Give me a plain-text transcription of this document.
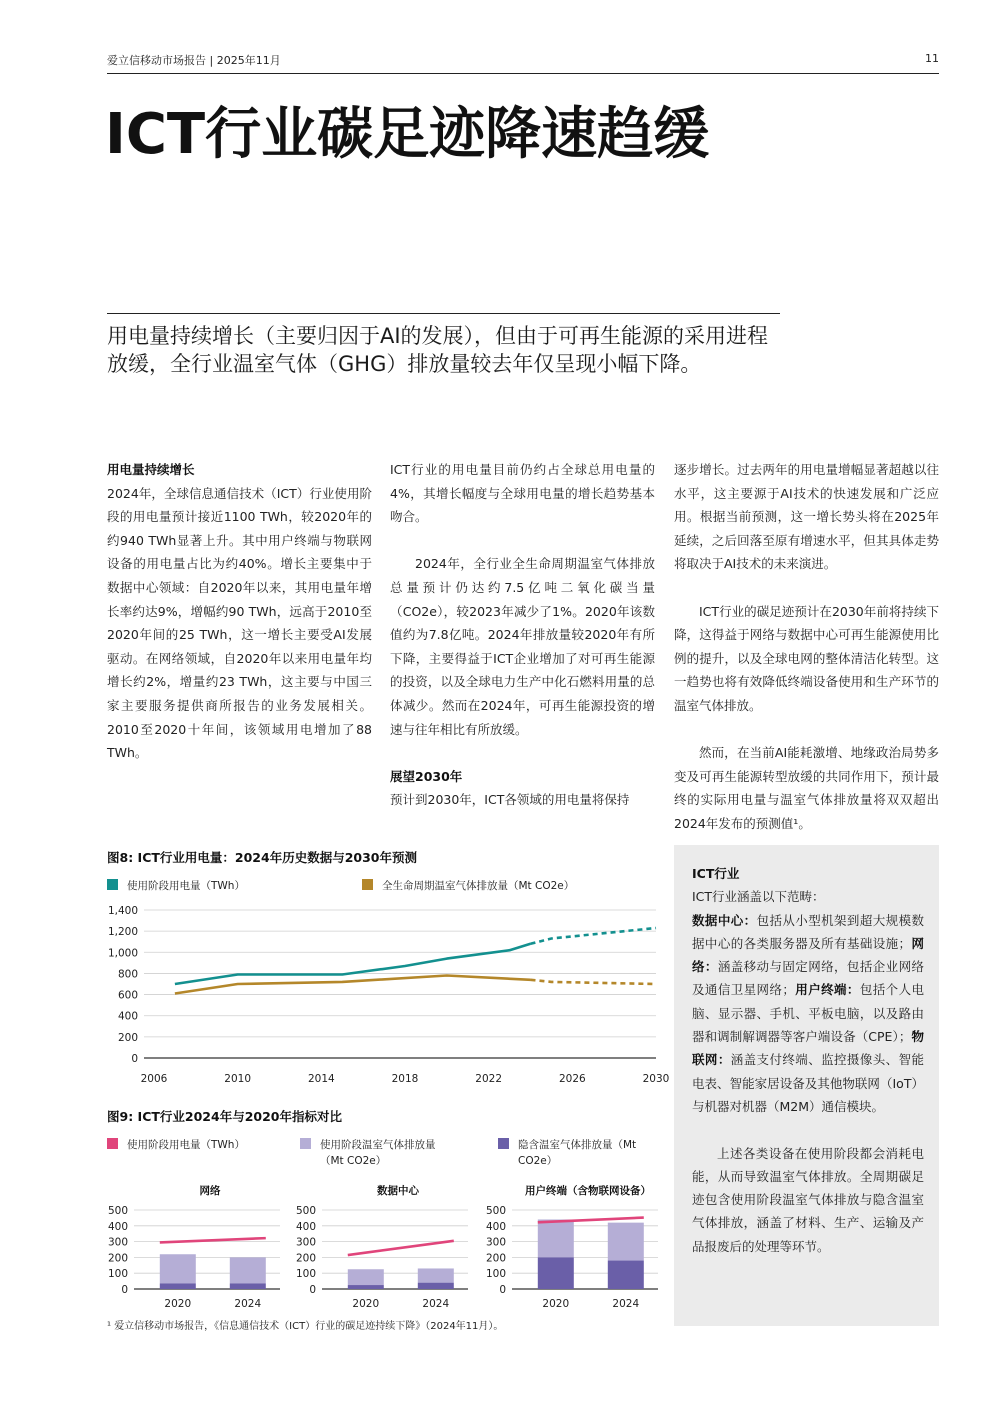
爱立信移动市场报告 | 2025年11月	11
ICT行业碳足迹降速趋缓
用电量持续增长（主要归因于AI的发展），但由于可再生能源的采用进程放缓，全行业温室气体（GHG）排放量较去年仅呈现小幅下降。

用电量持续增长

2024年，全球信息通信技术（ICT）行业使用阶段的用电量预计接近1100 TWh，较2020年的约940 TWh显著上升。其中用户终端与物联网设备的用电量占比为约40%。增长主要集中于数据中心领域：自2020年以来，其用电量年增长率约达9%，增幅约90 TWh，远高于2010至2020年间的25 TWh，这一增长主要受AI发展驱动。在网络领域，自2020年以来用电量年均增长约2%，增量约23 TWh，这主要与中国三家主要服务提供商所报告的业务发展相关。2010至2020十年间，该领域用电增加了88 TWh。

ICT行业的用电量目前仍约占全球总用电量的4%，其增长幅度与全球用电量的增长趋势基本吻合。

2024年，全行业全生命周期温室气体排放总量预计仍达约7.5亿吨二氧化碳当量（CO2e），较2023年减少了1%。2020年该数值约为7.8亿吨。2024年排放量较2020年有所下降，主要得益于ICT企业增加了对可再生能源的投资，以及全球电力生产中化石燃料用量的总体减少。然而在2024年，可再生能源投资的增速与往年相比有所放缓。

展望2030年

预计到2030年，ICT各领域的用电量将保持

逐步增长。过去两年的用电量增幅显著超越以往水平，这主要源于AI技术的快速发展和广泛应用。根据当前预测，这一增长势头将在2025年延续，之后回落至原有增速水平，但其具体走势将取决于AI技术的未来演进。

ICT行业的碳足迹预计在2030年前将持续下降，这得益于网络与数据中心可再生能源使用比例的提升，以及全球电网的整体清洁化转型。这一趋势也将有效降低终端设备使用和生产环节的温室气体排放。

然而，在当前AI能耗激增、地缘政治局势多变及可再生能源转型放缓的共同作用下，预计最终的实际用电量与温室气体排放量将双双超出2024年发布的预测值¹。

ICT行业

ICT行业涵盖以下范畴：

数据中心：包括从小型机架到超大规模数据中心的各类服务器及所有基础设施；网络：涵盖移动与固定网络，包括企业网络及通信卫星网络；用户终端：包括个人电脑、显示器、手机、平板电脑，以及路由器和调制解调器等客户端设备（CPE）；物联网：涵盖支付终端、监控摄像头、智能电表、智能家居设备及其他物联网（IoT）与机器对机器（M2M）通信模块。

上述各类设备在使用阶段都会消耗电能，从而导致温室气体排放。全周期碳足迹包含使用阶段温室气体排放与隐含温室气体排放，涵盖了材料、生产、运输及产品报废后的处理等环节。

图8: ICT行业用电量：2024年历史数据与2030年预测
使用阶段用电量（TWh）	全生命周期温室气体排放量（Mt CO2e）
0
200
400
600
800
1,000
1,200
1,400
2006	2010	2014	2018	2022	2026	2030
图9: ICT行业2024年与2020年指标对比
使用阶段用电量（TWh）	使用阶段温室气体排放量（Mt CO2e）
隐含温室气体排放量（Mt CO2e）
网络
0
100
200
300
400
500
2020	2024
数据中心
0
100
200
300
400
500
2020	2024
用户终端（含物联网设备）
0
100
200
300
400
500
2020	2024
¹ 爱立信移动市场报告，《信息通信技术（ICT）行业的碳足迹持续下降》（2024年11月）。
